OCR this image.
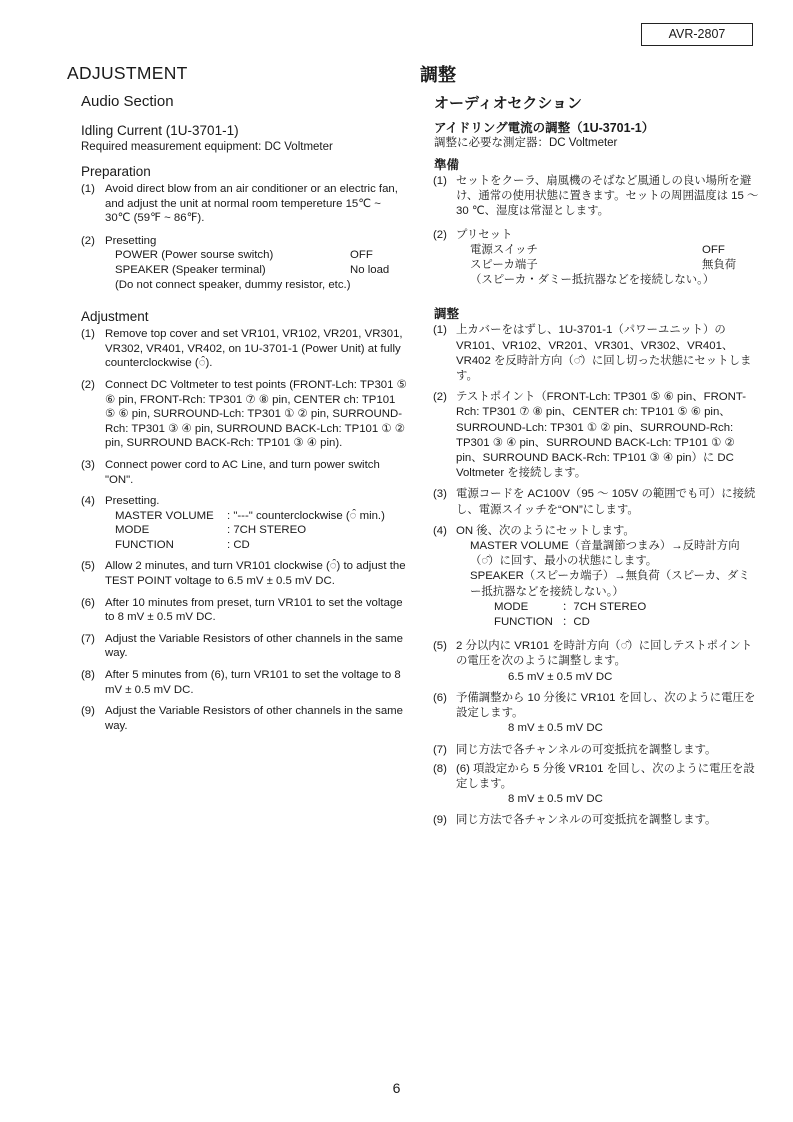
AVR-2807
ADJUSTMENT
Audio Section
Idling Current (1U-3701-1)
Required measurement equipment: DC Voltmeter
Preparation
(1) Avoid direct blow from an air conditioner or an electric fan, and adjust the unit at normal room tempereture 15℃ ~ 30℃ (59℉ ~ 86℉).
(2) Presetting
POWER (Power sourse switch)	OFF
SPEAKER (Speaker terminal)	No load
(Do not connect speaker, dummy resistor, etc.)
Adjustment
(1) Remove top cover and set VR101, VR102, VR201, VR301, VR302, VR401, VR402, on 1U-3701-1 (Power Unit) at fully counterclockwise (◌̂).
(2) Connect DC Voltmeter to test points (FRONT-Lch: TP301 ⑤ ⑥ pin, FRONT-Rch: TP301 ⑦ ⑧ pin, CENTER ch: TP101 ⑤ ⑥ pin, SURROUND-Lch: TP301 ① ② pin, SURROUND-Rch: TP301 ③ ④ pin, SURROUND BACK-Lch: TP101 ① ② pin, SURROUND BACK-Rch: TP101 ③ ④ pin).
(3) Connect power cord to AC Line, and turn power switch "ON".
(4) Presetting.
MASTER VOLUME	: "---" counterclockwise (◌̂ min.)
MODE	: 7CH STEREO
FUNCTION	: CD
(5) Allow 2 minutes, and turn VR101 clockwise (◌̂) to adjust the TEST POINT voltage to 6.5 mV ± 0.5 mV DC.
(6) After 10 minutes from preset, turn VR101 to set the voltage to 8 mV ± 0.5 mV DC.
(7) Adjust the Variable Resistors of other channels in the same way.
(8) After 5 minutes from (6), turn VR101 to set the voltage to 8 mV ± 0.5 mV DC.
(9) Adjust the Variable Resistors of other channels in the same way.
調整
オーディオセクション
アイドリング電流の調整（1U-3701-1）
調整に必要な測定器：DC Voltmeter
準備
(1) セットをクーラ、扇風機のそばなど風通しの良い場所を避け、通常の使用状態に置きます。セットの周囲温度は 15 ～ 30 ℃、湿度は常湿とします。
(2) プリセット
電源スイッチ	OFF
スピーカ端子	無負荷
（スピーカ・ダミー抵抗器などを接続しない。）
調整
(1) 上カバーをはずし、1U-3701-1（パワーユニット）の VR101、VR102、VR201、VR301、VR302、VR401、VR402 を反時計方向（◌̂）に回し切った状態にセットします。
(2) テストポイント（FRONT-Lch: TP301 ⑤ ⑥ pin、FRONT-Rch: TP301 ⑦ ⑧ pin、CENTER ch: TP101 ⑤ ⑥ pin、SURROUND-Lch: TP301 ① ② pin、SURROUND-Rch: TP301 ③ ④ pin、SURROUND BACK-Lch: TP101 ① ② pin、SURROUND BACK-Rch: TP101 ③ ④ pin）に DC Voltmeter を接続します。
(3) 電源コードを AC100V（95 ～ 105V の範囲でも可）に接続し、電源スイッチを“ON”にします。
(4) ON 後、次のようにセットします。
MASTER VOLUME（音量調節つまみ）→反時計方向（◌̂）に回す、最小の状態にします。
SPEAKER（スピーカ端子）→無負荷（スピーカ、ダミー抵抗器などを接続しない。）
MODE	：7CH STEREO
FUNCTION ：CD
(5) 2 分以内に VR101 を時計方向（◌̂）に回しテストポイントの電圧を次のように調整します。
6.5 mV ± 0.5 mV DC
(6) 予備調整から 10 分後に VR101 を回し、次のように電圧を設定します。
8 mV ± 0.5 mV DC
(7) 同じ方法で各チャンネルの可変抵抗を調整します。
(8) (6) 項設定から 5 分後 VR101 を回し、次のように電圧を設定します。
8 mV ± 0.5 mV DC
(9) 同じ方法で各チャンネルの可変抵抗を調整します。
6
